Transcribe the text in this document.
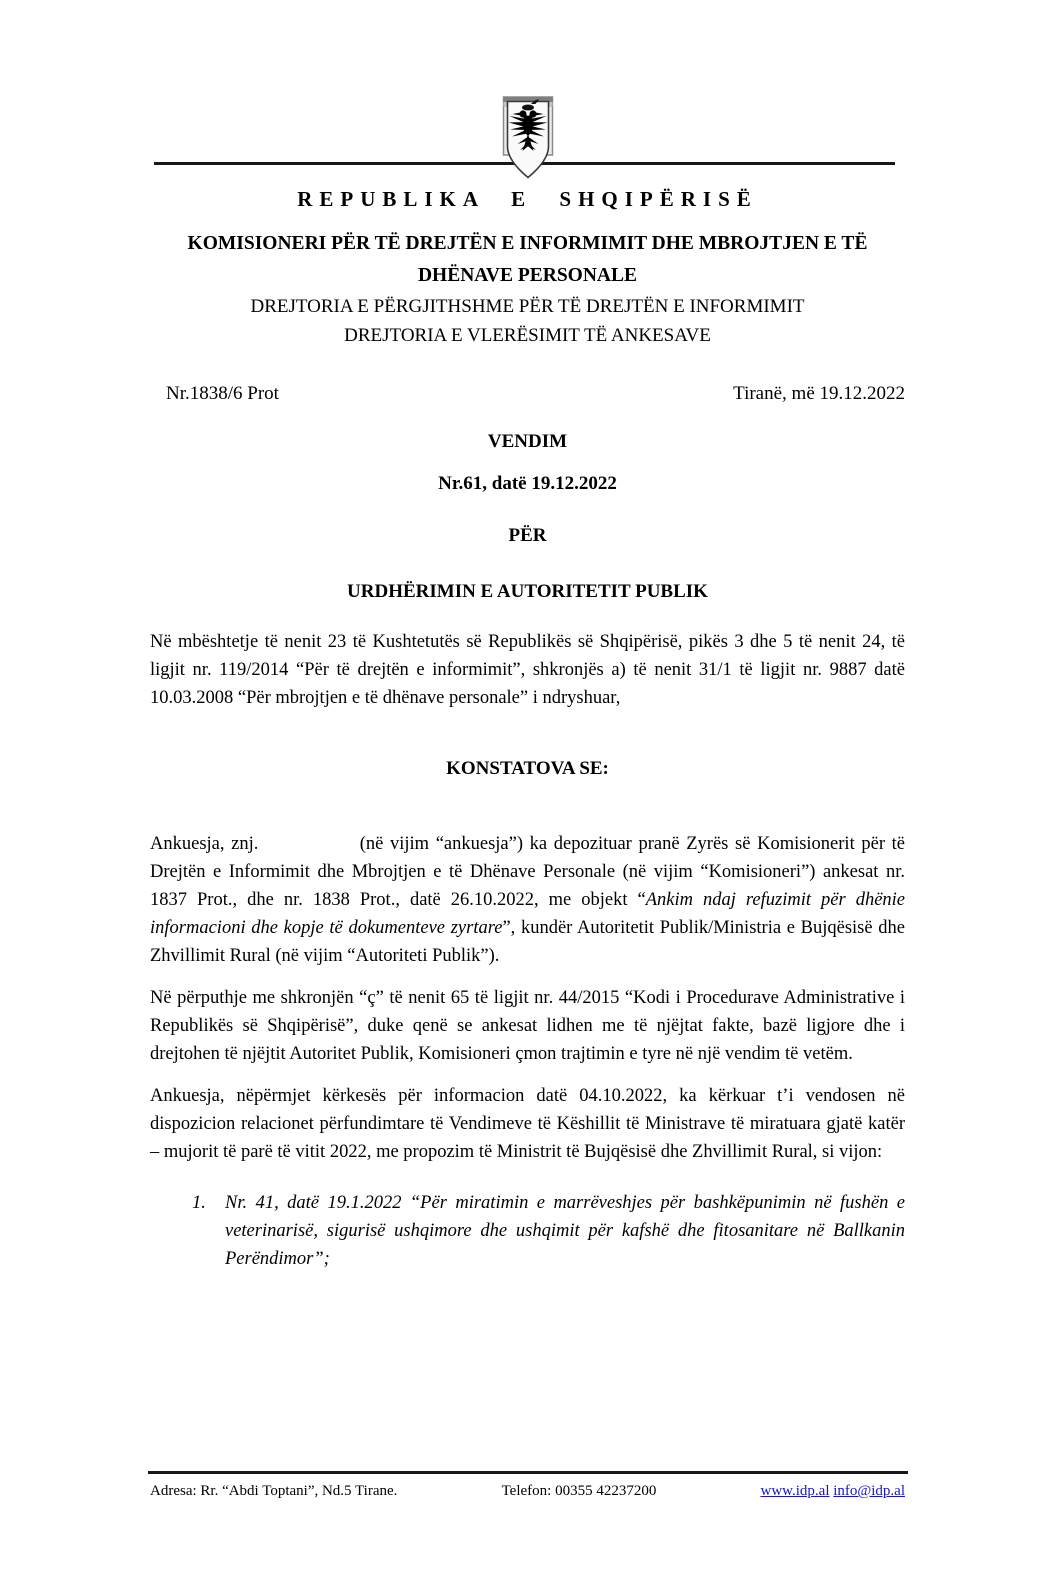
REPUBLIKA E SHQIPËRISË
KOMISIONERI PËR TË DREJTËN E INFORMIMIT DHE MBROJTJEN E TË DHËNAVE PERSONALE
DREJTORIA E PËRGJITHSHME PËR TË DREJTËN E INFORMIMIT
DREJTORIA E VLERËSIMIT TË ANKESAVE
Nr.1838/6 Prot	Tiranë, më 19.12.2022
VENDIM
Nr.61, datë 19.12.2022
PËR
URDHËRIMIN E AUTORITETIT PUBLIK

Në mbështetje të nenit 23 të Kushtetutës së Republikës së Shqipërisë, pikës 3 dhe 5 të nenit 24, të ligjit nr. 119/2014 “Për të drejtën e informimit”, shkronjës a) të nenit 31/1 të ligjit nr. 9887 datë 10.03.2008 “Për mbrojtjen e të dhënave personale” i ndryshuar,

KONSTATOVA SE:

Ankuesja, znj.	(në vijim “ankuesja”) ka depozituar pranë Zyrës së Komisionerit për të Drejtën e Informimit dhe Mbrojtjen e të Dhënave Personale (në vijim “Komisioneri”) ankesat nr. 1837 Prot., dhe nr. 1838 Prot., datë 26.10.2022, me objekt “Ankim ndaj refuzimit për dhënie informacioni dhe kopje të dokumenteve zyrtare”, kundër Autoritetit Publik/Ministria e Bujqësisë dhe Zhvillimit Rural (në vijim “Autoriteti Publik”).

Në përputhje me shkronjën “ç” të nenit 65 të ligjit nr. 44/2015 “Kodi i Procedurave Administrative i Republikës së Shqipërisë”, duke qenë se ankesat lidhen me të njëjtat fakte, bazë ligjore dhe i drejtohen të njëjtit Autoritet Publik, Komisioneri çmon trajtimin e tyre në një vendim të vetëm.

Ankuesja, nëpërmjet kërkesës për informacion datë 04.10.2022, ka kërkuar t’i vendosen në dispozicion relacionet përfundimtare të Vendimeve të Këshillit të Ministrave të miratuara gjatë katër – mujorit të parë të vitit 2022, me propozim të Ministrit të Bujqësisë dhe Zhvillimit Rural, si vijon:

1.	Nr. 41, datë 19.1.2022 “Për miratimin e marrëveshjes për bashkëpunimin në fushën e veterinarisë, sigurisë ushqimore dhe ushqimit për kafshë dhe fitosanitare në Ballkanin Perëndimor”;
Adresa: Rr. “Abdi Toptani”, Nd.5 Tirane.	Telefon: 00355 42237200	www.idp.al info@idp.al
